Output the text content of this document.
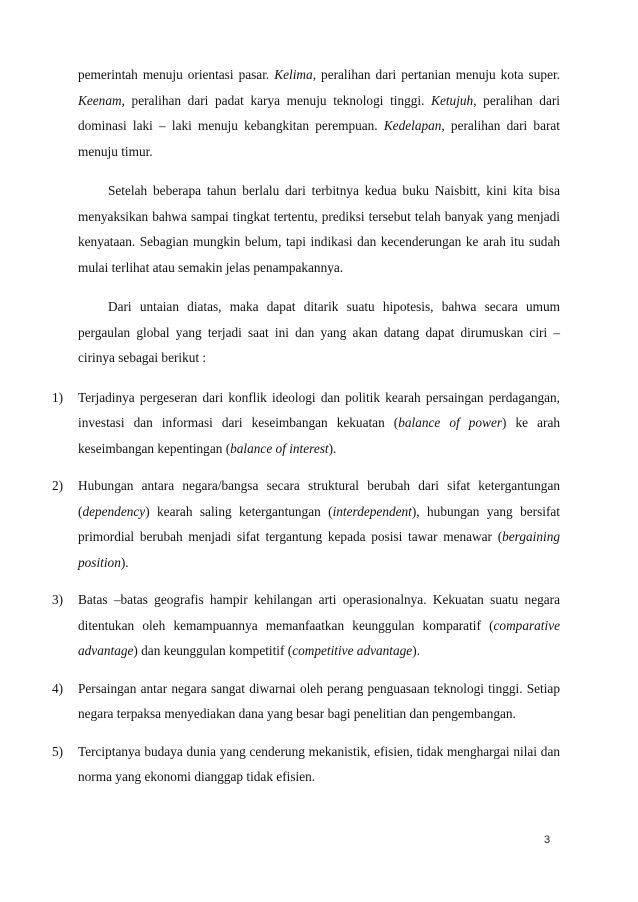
pemerintah menuju orientasi pasar. Kelima, peralihan dari pertanian menuju kota super. Keenam, peralihan dari padat karya menuju teknologi tinggi. Ketujuh, peralihan dari dominasi laki – laki menuju kebangkitan perempuan. Kedelapan, peralihan dari barat menuju timur.

Setelah beberapa tahun berlalu dari terbitnya kedua buku Naisbitt, kini kita bisa menyaksikan bahwa sampai tingkat tertentu, prediksi tersebut telah banyak yang menjadi kenyataan. Sebagian mungkin belum, tapi indikasi dan kecenderungan ke arah itu sudah mulai terlihat atau semakin jelas penampakannya.

Dari untaian diatas, maka dapat ditarik suatu hipotesis, bahwa secara umum pergaulan global yang terjadi saat ini dan yang akan datang dapat dirumuskan ciri – cirinya sebagai berikut :

1) Terjadinya pergeseran dari konflik ideologi dan politik kearah persaingan perdagangan, investasi dan informasi dari keseimbangan kekuatan (balance of power) ke arah keseimbangan kepentingan (balance of interest).

2) Hubungan antara negara/bangsa secara struktural berubah dari sifat ketergantungan (dependency) kearah saling ketergantungan (interdependent), hubungan yang bersifat primordial berubah menjadi sifat tergantung kepada posisi tawar menawar (bergaining position).

3) Batas –batas geografis hampir kehilangan arti operasionalnya. Kekuatan suatu negara ditentukan oleh kemampuannya memanfaatkan keunggulan komparatif (comparative advantage) dan keunggulan kompetitif (competitive advantage).

4) Persaingan antar negara sangat diwarnai oleh perang penguasaan teknologi tinggi. Setiap negara terpaksa menyediakan dana yang besar bagi penelitian dan pengembangan.

5) Terciptanya budaya dunia yang cenderung mekanistik, efisien, tidak menghargai nilai dan norma yang ekonomi dianggap tidak efisien.

3
